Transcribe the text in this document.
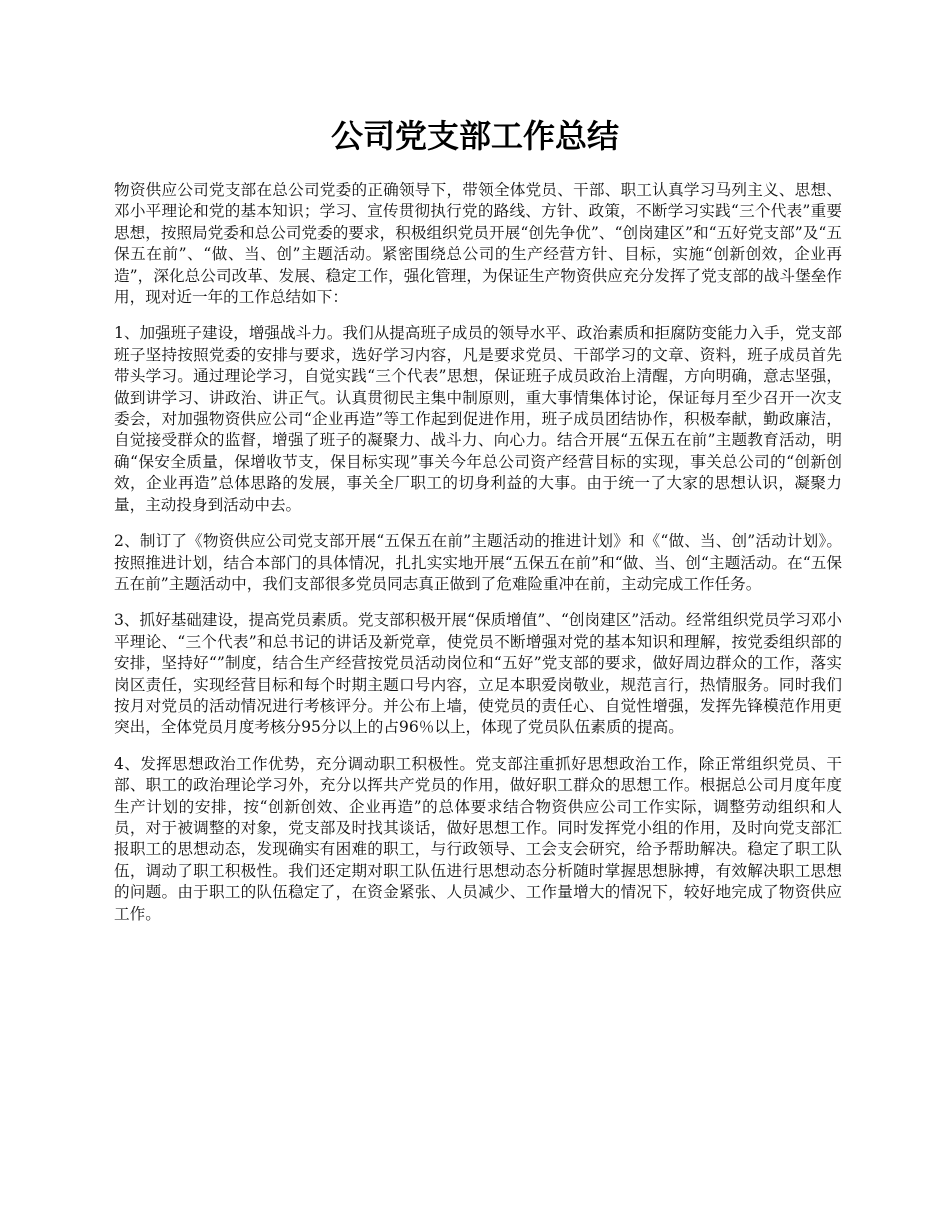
公司党支部工作总结

物资供应公司党支部在总公司党委的正确领导下，带领全体党员、干部、职工认真学习马列主义、思想、邓小平理论和党的基本知识；学习、宣传贯彻执行党的路线、方针、政策，不断学习实践“三个代表”重要思想，按照局党委和总公司党委的要求，积极组织党员开展“创先争优”、“创岗建区”和“五好党支部”及“五保五在前”、“做、当、创”主题活动。紧密围绕总公司的生产经营方针、目标，实施“创新创效，企业再造”，深化总公司改革、发展、稳定工作，强化管理，为保证生产物资供应充分发挥了党支部的战斗堡垒作用，现对近一年的工作总结如下：

1、加强班子建设，增强战斗力。我们从提高班子成员的领导水平、政治素质和拒腐防变能力入手，党支部班子坚持按照党委的安排与要求，选好学习内容，凡是要求党员、干部学习的文章、资料，班子成员首先带头学习。通过理论学习，自觉实践“三个代表”思想，保证班子成员政治上清醒，方向明确，意志坚强，做到讲学习、讲政治、讲正气。认真贯彻民主集中制原则，重大事情集体讨论，保证每月至少召开一次支委会，对加强物资供应公司“企业再造”等工作起到促进作用，班子成员团结协作，积极奉献，勤政廉洁，自觉接受群众的监督，增强了班子的凝聚力、战斗力、向心力。结合开展“五保五在前”主题教育活动，明确“保安全质量，保增收节支，保目标实现”事关今年总公司资产经营目标的实现，事关总公司的“创新创效，企业再造”总体思路的发展，事关全厂职工的切身利益的大事。由于统一了大家的思想认识，凝聚力量，主动投身到活动中去。

2、制订了《物资供应公司党支部开展“五保五在前”主题活动的推进计划》和《“做、当、创”活动计划》。按照推进计划，结合本部门的具体情况，扎扎实实地开展“五保五在前”和“做、当、创“主题活动。在“五保五在前”主题活动中，我们支部很多党员同志真正做到了危难险重冲在前，主动完成工作任务。

3、抓好基础建设，提高党员素质。党支部积极开展“保质增值”、“创岗建区”活动。经常组织党员学习邓小平理论、“三个代表”和总书记的讲话及新党章，使党员不断增强对党的基本知识和理解，按党委组织部的安排，坚持好“”制度，结合生产经营按党员活动岗位和“五好”党支部的要求，做好周边群众的工作，落实岗区责任，实现经营目标和每个时期主题口号内容，立足本职爱岗敬业，规范言行，热情服务。同时我们按月对党员的活动情况进行考核评分。并公布上墙，使党员的责任心、自觉性增强，发挥先锋模范作用更突出，全体党员月度考核分95分以上的占96％以上，体现了党员队伍素质的提高。

4、发挥思想政治工作优势，充分调动职工积极性。党支部注重抓好思想政治工作，除正常组织党员、干部、职工的政治理论学习外，充分以挥共产党员的作用，做好职工群众的思想工作。根据总公司月度年度生产计划的安排，按“创新创效、企业再造”的总体要求结合物资供应公司工作实际，调整劳动组织和人员，对于被调整的对象，党支部及时找其谈话，做好思想工作。同时发挥党小组的作用，及时向党支部汇报职工的思想动态，发现确实有困难的职工，与行政领导、工会支会研究，给予帮助解决。稳定了职工队伍，调动了职工积极性。我们还定期对职工队伍进行思想动态分析随时掌握思想脉搏，有效解决职工思想的问题。由于职工的队伍稳定了，在资金紧张、人员减少、工作量增大的情况下，较好地完成了物资供应工作。
